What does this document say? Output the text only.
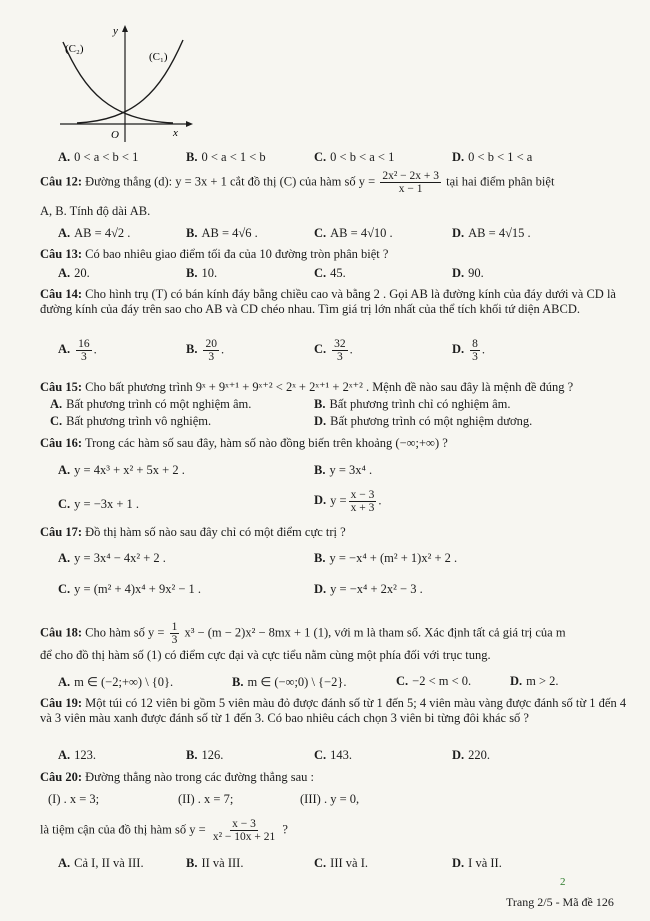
y
x
O
(C₂)
(C₁)
A. 0 < a < b < 1	B. 0 < a < 1 < b	C. 0 < b < a < 1	D. 0 < b < 1 < a
Câu 12: Đường thẳng (d): y = 3x + 1 cắt đồ thị (C) của hàm số $y = \frac{\text{2x² − 2x + 3}}{x - 1}$ tại hai điểm phân biệt
A, B. Tính độ dài AB.
A. AB = 4√2 .	B. AB = 4√6 .	C. AB = 4√10 .	D. AB = 4√15 .
Câu 13: Có bao nhiêu giao điểm tối đa của 10 đường tròn phân biệt ?
A. 20.	B. 10.	C. 45.	D. 90.
Câu 14: Cho hình trụ (T) có bán kính đáy bằng chiều cao và bằng 2 . Gọi AB là đường kính của đáy dưới và CD là đường kính của đáy trên sao cho AB và CD chéo nhau. Tìm giá trị lớn nhất của thể tích khối tứ diện ABCD.
A. $\frac{16}{3}$ .	B. $\frac{20}{3}$ .	C. $\frac{32}{3}$ .	D. $\frac{8}{3}$ .
Câu 15: Cho bất phương trình 9ˣ + 9ˣ⁺¹ + 9ˣ⁺² < 2ˣ + 2ˣ⁺¹ + 2ˣ⁺² . Mệnh đề nào sau đây là mệnh đề đúng ?
A. Bất phương trình có một nghiệm âm.	B. Bất phương trình chỉ có nghiệm âm.
C. Bất phương trình vô nghiệm.	D. Bất phương trình có một nghiệm dương.
Câu 16: Trong các hàm số sau đây, hàm số nào đồng biến trên khoảng (−∞;+∞) ?
A. y = 4x³ + x² + 5x + 2 .	B. y = 3x⁴ .
C. y = −3x + 1 .	D. $y = \frac{x - 3}{x + 3}$ .
Câu 17: Đồ thị hàm số nào sau đây chỉ có một điểm cực trị ?
A. y = 3x⁴ − 4x² + 2 .	B. y = −x⁴ + (m² + 1)x² + 2 .
C. y = (m² + 4)x⁴ + 9x² − 1 .	D. y = −x⁴ + 2x² − 3 .
Câu 18: Cho hàm số $y = \frac{1}{3} x^3 - (m - 2)x^2 - 8mx + 1$ (1), với m là tham số. Xác định tất cả giá trị của m
để cho đồ thị hàm số (1) có điểm cực đại và cực tiểu nằm cùng một phía đối với trục tung.
A. m ∈ (−2;+∞) \ {0}.	B. m ∈ (−∞;0) \ {−2}.	C. −2 < m < 0.	D. m > 2.
Câu 19: Một túi có 12 viên bi gồm 5 viên màu đỏ được đánh số từ 1 đến 5; 4 viên màu vàng được đánh số từ 1 đến 4 và 3 viên màu xanh được đánh số từ 1 đến 3. Có bao nhiêu cách chọn 3 viên bi từng đôi khác số ?
A. 123.	B. 126.	C. 143.	D. 220.
Câu 20: Đường thẳng nào trong các đường thẳng sau :
(I) . x = 3;	(II) . x = 7;	(III) . y = 0,
là tiệm cận của đồ thị hàm số $y = \frac{x - 3}{\text{x² − 10x + 21}}$ ?
A. Cả I, II và III.	B. II và III.	C. III và I.	D. I và II.
2
Trang 2/5 - Mã đề 126
